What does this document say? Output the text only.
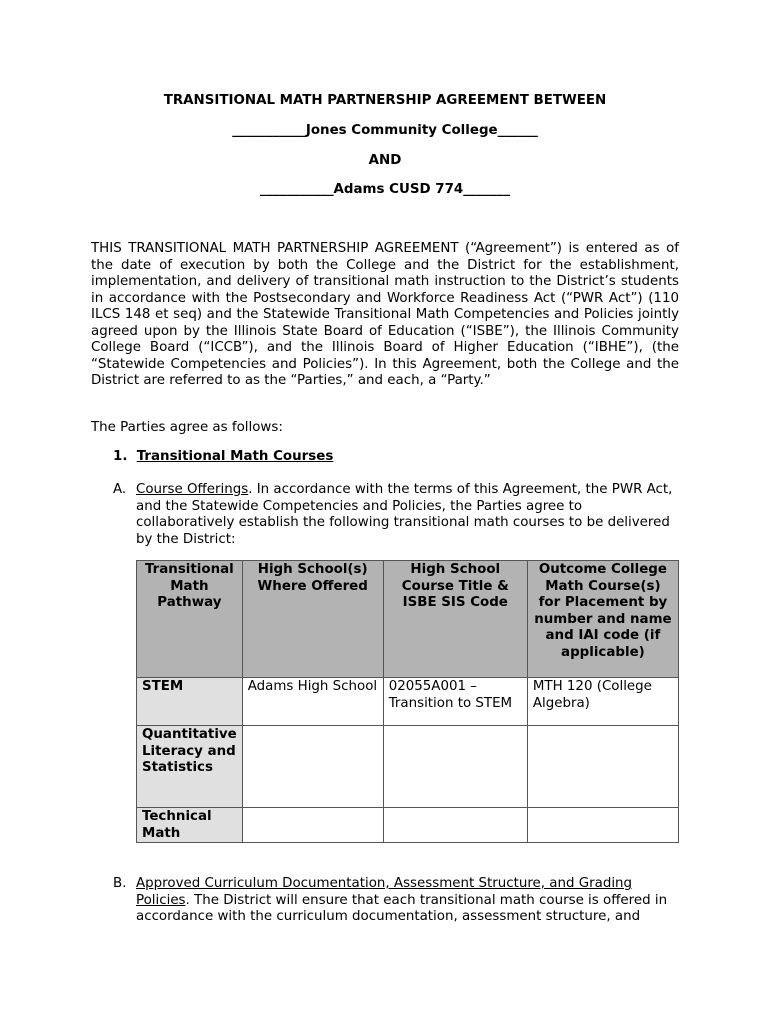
TRANSITIONAL MATH PARTNERSHIP AGREEMENT BETWEEN
___________Jones Community College______
AND
___________Adams CUSD 774_______

THIS TRANSITIONAL MATH PARTNERSHIP AGREEMENT (“Agreement”) is entered as of the date of execution by both the College and the District for the establishment, implementation, and delivery of transitional math instruction to the District’s students in accordance with the Postsecondary and Workforce Readiness Act (“PWR Act”) (110 ILCS 148 et seq) and the Statewide Transitional Math Competencies and Policies jointly agreed upon by the Illinois State Board of Education (“ISBE”), the Illinois Community College Board (“ICCB”), and the Illinois Board of Higher Education (“IBHE”), (the “Statewide Competencies and Policies”). In this Agreement, both the College and the District are referred to as the “Parties,” and each, a “Party.”

The Parties agree as follows:

1. Transitional Math Courses

A. Course Offerings. In accordance with the terms of this Agreement, the PWR Act, and the Statewide Competencies and Policies, the Parties agree to collaboratively establish the following transitional math courses to be delivered by the District:

Transitional Math Pathway	High School(s) Where Offered	High School Course Title & ISBE SIS Code	Outcome College Math Course(s) for Placement by number and name and IAI code (if applicable)
STEM	Adams High School	02055A001 – Transition to STEM	MTH 120 (College Algebra)
Quantitative Literacy and Statistics			
Technical Math			
B. Approved Curriculum Documentation, Assessment Structure, and Grading Policies. The District will ensure that each transitional math course is offered in accordance with the curriculum documentation, assessment structure, and
